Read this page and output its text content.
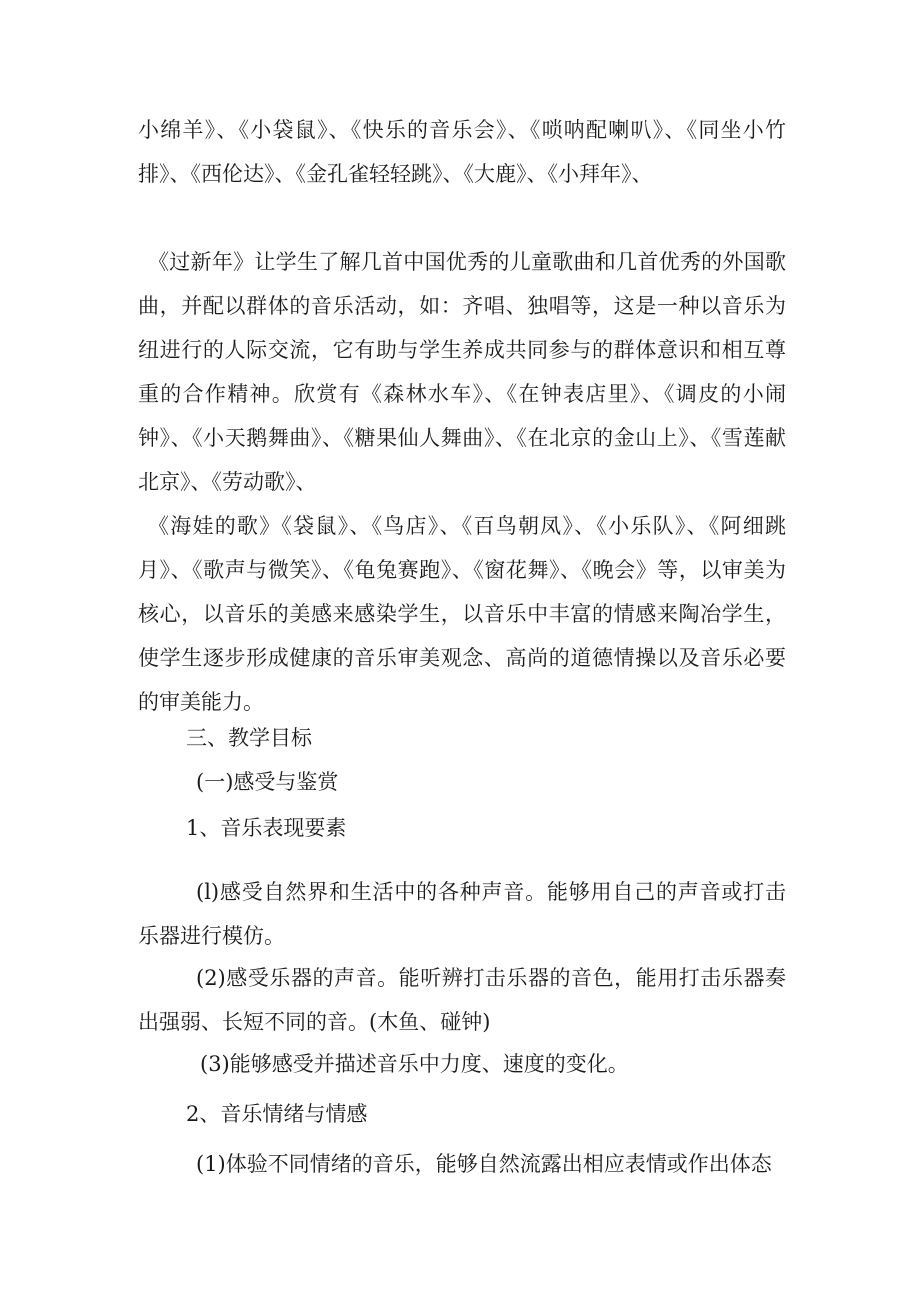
小绵羊》、《小袋鼠》、《快乐的音乐会》、《唢呐配喇叭》、《同坐小竹排》、《西伦达》、《金孔雀轻轻跳》、《大鹿》、《小拜年》、

《过新年》让学生了解几首中国优秀的儿童歌曲和几首优秀的外国歌曲，并配以群体的音乐活动，如：齐唱、独唱等，这是一种以音乐为纽进行的人际交流，它有助与学生养成共同参与的群体意识和相互尊重的合作精神。欣赏有《森林水车》、《在钟表店里》、《调皮的小闹钟》、《小天鹅舞曲》、《糖果仙人舞曲》、《在北京的金山上》、《雪莲献北京》、《劳动歌》、

《海娃的歌》《袋鼠》、《鸟店》、《百鸟朝凤》、《小乐队》、《阿细跳月》、《歌声与微笑》、《龟兔赛跑》、《窗花舞》、《晚会》等，以审美为核心，以音乐的美感来感染学生，以音乐中丰富的情感来陶冶学生，使学生逐步形成健康的音乐审美观念、高尚的道德情操以及音乐必要的审美能力。

三、教学目标

(一)感受与鉴赏

1、音乐表现要素

(l)感受自然界和生活中的各种声音。能够用自己的声音或打击乐器进行模仿。

(2)感受乐器的声音。能听辨打击乐器的音色，能用打击乐器奏出强弱、长短不同的音。(木鱼、碰钟)

(3)能够感受并描述音乐中力度、速度的变化。

2、音乐情绪与情感

(1)体验不同情绪的音乐，能够自然流露出相应表情或作出体态
